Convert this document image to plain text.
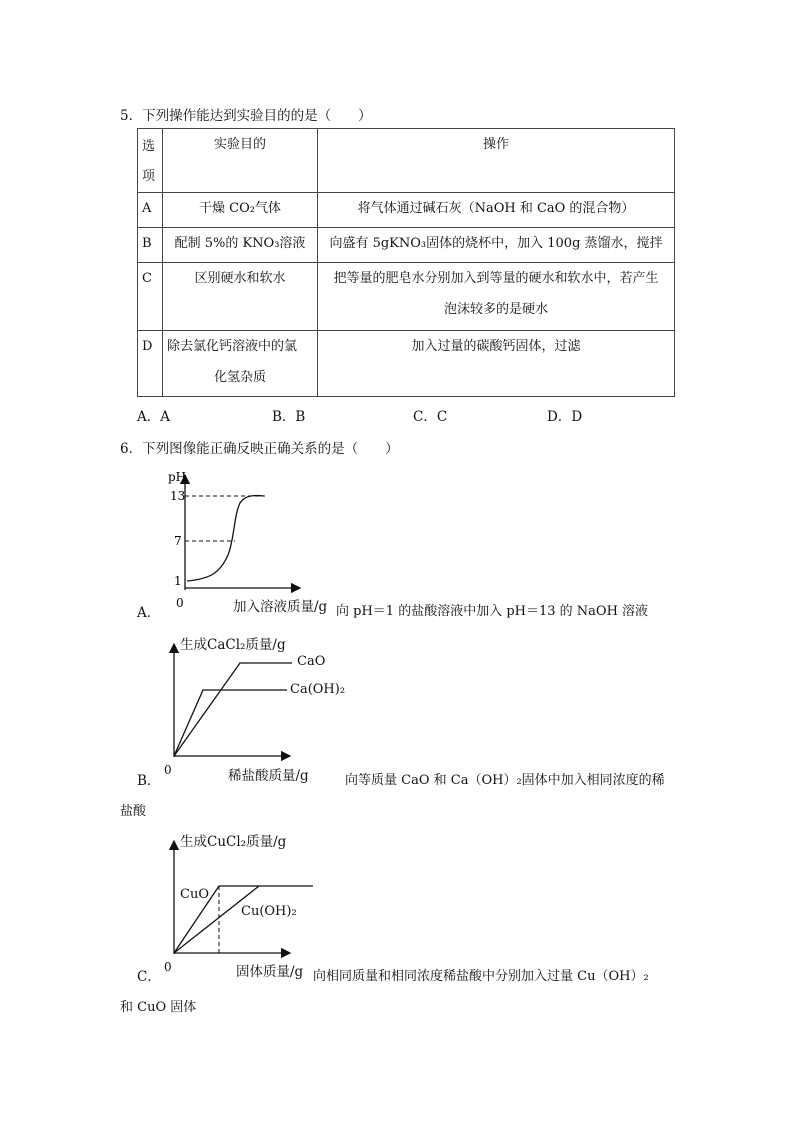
5．下列操作能达到实验目的的是（　　）
选项	实验目的	操作

A	干燥 CO₂气体	将气体通过碱石灰（NaOH 和 CaO 的混合物）

B	配制 5%的 KNO₃溶液	向盛有 5gKNO₃固体的烧杯中，加入 100g 蒸馏水，搅拌

C	区别硬水和软水	把等量的肥皂水分别加入到等量的硬水和软水中，若产生
泡沫较多的是硬水

D	除去氯化钙溶液中的氯
化氢杂质	加入过量的碳酸钙固体，过滤
A．A	B．B	C．C	D．D
6．下列图像能正确反映正确关系的是（　　）
pH
13
7
1
0
A．	加入溶液质量/g 向 pH＝1 的盐酸溶液中加入 pH＝13 的 NaOH 溶液
生成CaCl₂质量/g
CaO
Ca(OH)₂
0	稀盐酸质量/g
B．	向等质量 CaO 和 Ca（OH）₂固体中加入相同浓度的稀
盐酸
生成CuCl₂质量/g
CuO
Cu(OH)₂
0	固体质量/g
C．	向相同质量和相同浓度稀盐酸中分别加入过量 Cu（OH）₂
和 CuO 固体
